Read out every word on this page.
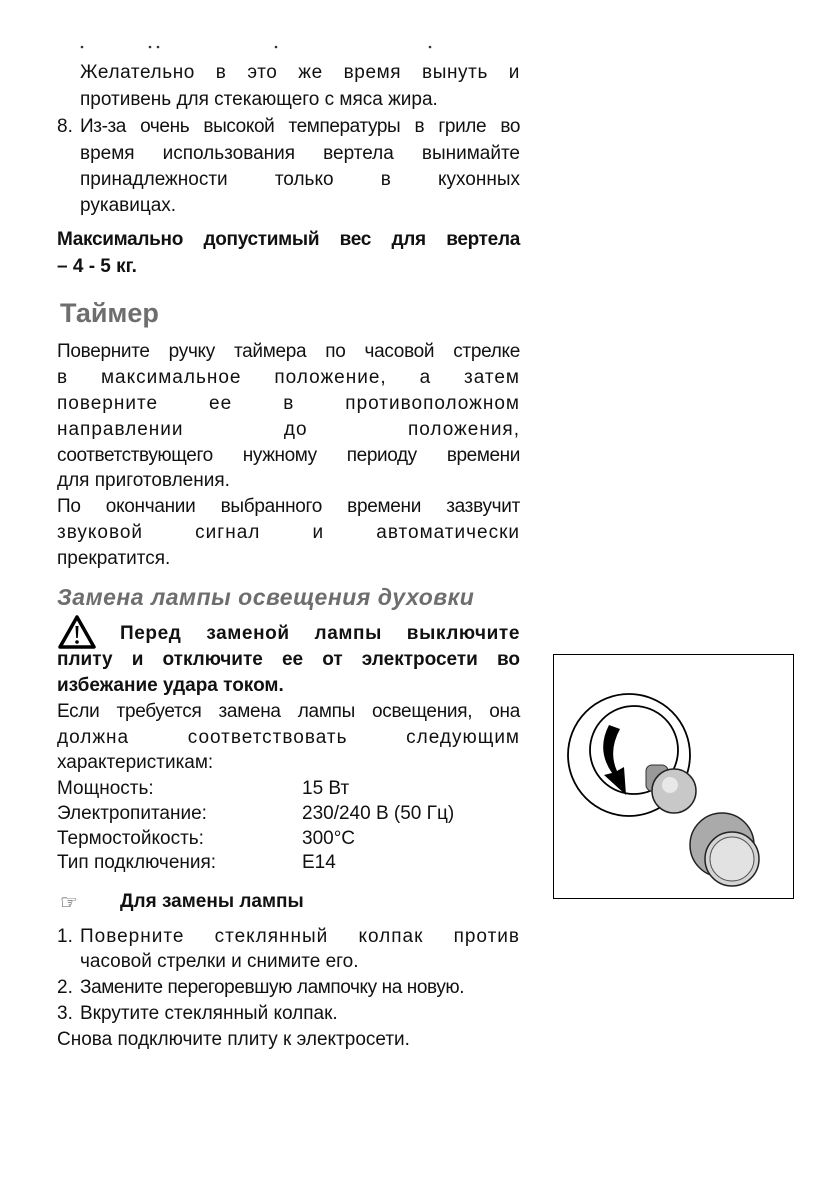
Желательно в это же время вынуть и
противень для стекающего с мяса жира.
8. Из-за очень высокой температуры в гриле во
время использования вертела вынимайте
принадлежности только в кухонных
рукавицах.
Максимально допустимый вес для вертела
– 4 - 5 кг.
Таймер
Поверните ручку таймера по часовой стрелке
в максимальное положение, а затем
поверните ее в противоположном
направлении до положения,
соответствующего нужному периоду времени
для приготовления.
По окончании выбранного времени зазвучит
звуковой сигнал и автоматически
прекратится.
Замена лампы освещения духовки
Перед заменой лампы выключите
плиту и отключите ее от электросети во
избежание удара током.
Если требуется замена лампы освещения, она
должна соответствовать следующим
характеристикам:
Мощность:	15 Вт
Электропитание:	230/240 В (50 Гц)
Термостойкость:	300°С
Тип подключения:	Е14
☞ Для замены лампы
1. Поверните стеклянный колпак против
часовой стрелки и снимите его.
2. Замените перегоревшую лампочку на новую.
3. Вкрутите стеклянный колпак.
Снова подключите плиту к электросети.
